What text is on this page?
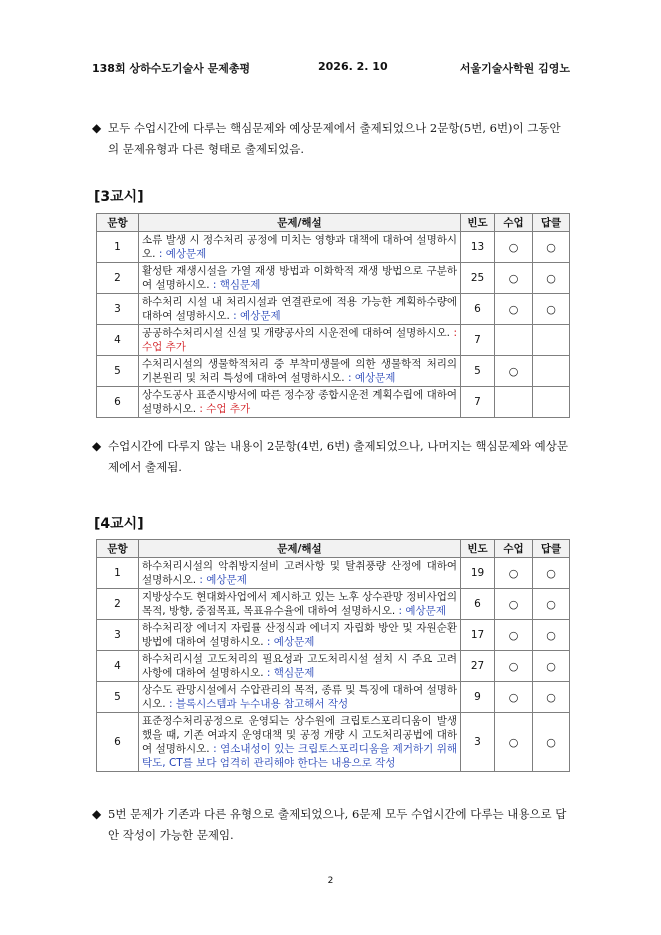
138회 상하수도기술사 문제총평	2026. 2. 10	서울기술사학원 김영노
◆ 모두 수업시간에 다루는 핵심문제와 예상문제에서 출제되었으나 2문항(5번, 6번)이 그동안의 문제유형과 다른 형태로 출제되었음.
[3교시]
문항	문제/해설	빈도	수업	답클
1	소류 발생 시 정수처리 공정에 미치는 영향과 대책에 대하여 설명하시오. : 예상문제	13	○	○
2	활성탄 재생시설을 가열 재생 방법과 이화학적 재생 방법으로 구분하여 설명하시오. : 핵심문제	25	○	○
3	하수처리 시설 내 처리시설과 연결관로에 적용 가능한 계획하수량에 대하여 설명하시오. : 예상문제	6	○	○
4	공공하수처리시설 신설 및 개량공사의 시운전에 대하여 설명하시오. : 수업 추가	7		
5	수처리시설의 생물학적처리 중 부착미생물에 의한 생물학적 처리의 기본원리 및 처리 특성에 대하여 설명하시오. : 예상문제	5	○	
6	상수도공사 표준시방서에 따른 정수장 종합시운전 계획수립에 대하여 설명하시오. : 수업 추가	7		
◆ 수업시간에 다루지 않는 내용이 2문항(4번, 6번) 출제되었으나, 나머지는 핵심문제와 예상문제에서 출제됨.
[4교시]
문항	문제/해설	빈도	수업	답클
1	하수처리시설의 악취방지설비 고려사항 및 탈취풍량 산정에 대하여 설명하시오. : 예상문제	19	○	○
2	지방상수도 현대화사업에서 제시하고 있는 노후 상수관망 정비사업의 목적, 방향, 중점목표, 목표유수율에 대하여 설명하시오. : 예상문제	6	○	○
3	하수처리장 에너지 자립률 산정식과 에너지 자립화 방안 및 자원순환 방법에 대하여 설명하시오. : 예상문제	17	○	○
4	하수처리시설 고도처리의 필요성과 고도처리시설 설치 시 주요 고려사항에 대하여 설명하시오. : 핵심문제	27	○	○
5	상수도 관망시설에서 수압관리의 목적, 종류 및 특징에 대하여 설명하시오. : 블록시스템과 누수내용 참고해서 작성	9	○	○
6	표준정수처리공정으로 운영되는 상수원에 크립토스포리디움이 발생했을 때, 기존 여과지 운영대책 및 공정 개량 시 고도처리공법에 대하여 설명하시오. : 염소내성이 있는 크립토스포리디움을 제거하기 위해 탁도, CT를 보다 엄격히 관리해야 한다는 내용으로 작성	3	○	○
◆ 5번 문제가 기존과 다른 유형으로 출제되었으나, 6문제 모두 수업시간에 다루는 내용으로 답안 작성이 가능한 문제임.
2
